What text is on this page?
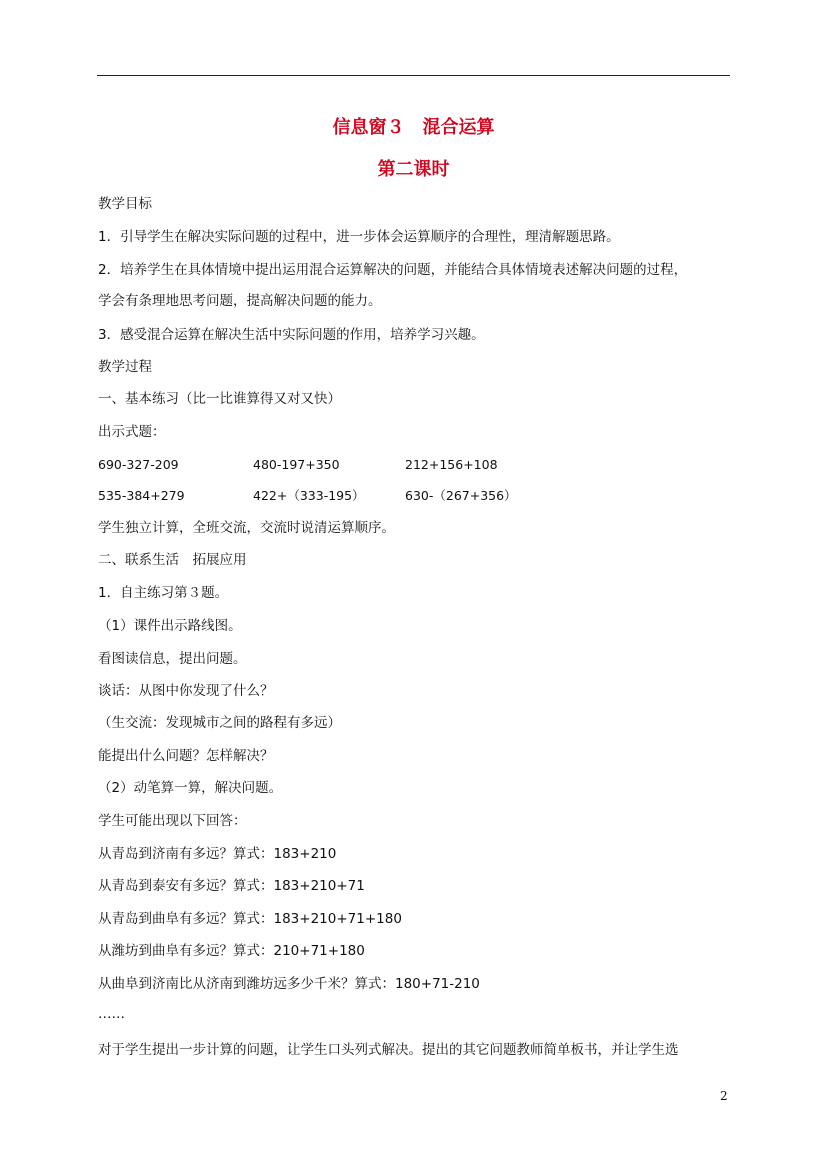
信息窗３　混合运算
第二课时
教学目标
1．引导学生在解决实际问题的过程中，进一步体会运算顺序的合理性，理清解题思路。
2．培养学生在具体情境中提出运用混合运算解决的问题，并能结合具体情境表述解决问题的过程，
学会有条理地思考问题，提高解决问题的能力。
3．感受混合运算在解决生活中实际问题的作用，培养学习兴趣。
教学过程
一、基本练习（比一比谁算得又对又快）
出示式题：
690-327-209	480-197+350	212+156+108
535-384+279	422+（333-195）	630-（267+356）
学生独立计算，全班交流，交流时说清运算顺序。
二、联系生活　拓展应用
1．自主练习第３题。
（1）课件出示路线图。
看图读信息，提出问题。
谈话：从图中你发现了什么？
（生交流：发现城市之间的路程有多远）
能提出什么问题？怎样解决？
（2）动笔算一算，解决问题。
学生可能出现以下回答：
从青岛到济南有多远？算式：183+210
从青岛到泰安有多远？算式：183+210+71
从青岛到曲阜有多远？算式：183+210+71+180
从潍坊到曲阜有多远？算式：210+71+180
从曲阜到济南比从济南到潍坊远多少千米？算式：180+71-210
……
对于学生提出一步计算的问题，让学生口头列式解决。提出的其它问题教师简单板书，并让学生选
2
